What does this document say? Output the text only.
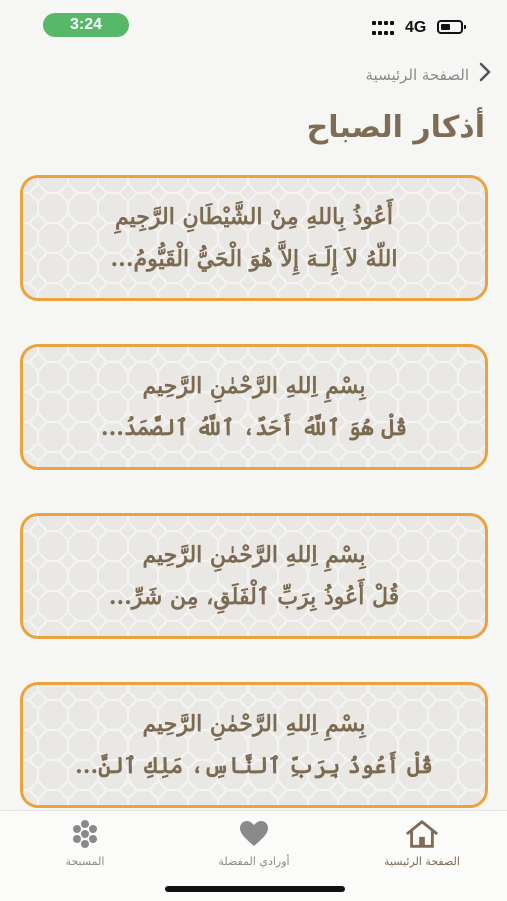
3:24	4G
الصفحة الرئيسية
أذكار الصباح
أَعُوذُ بِاللهِ مِنْ الشَّيْطَانِ الرَّجِيمِ
اللّهُ لاَ إِلَـهَ إِلاَّ هُوَ الْحَيُّ الْقَيُّومُ...
بِسْمِ اِللهِ الرَّحْمٰنِ الرَّحِيم
قُلْ هُوَ ٱللَّهُ أَحَدٌ، ٱللَّهُ ٱلصَّمَدُ...
بِسْمِ اِللهِ الرَّحْمٰنِ الرَّحِيم
قُلْ أَعُوذُ بِرَبِّ ٱلْفَلَقِ، مِن شَرِّ...
بِسْمِ اِللهِ الرَّحْمٰنِ الرَّحِيم
قُلْ أَعُوذُ بِرَبِّ ٱلنَّاسِ، مَلِكِ ٱلنَّ...
المسبحة	أورادي المفضلة	الصفحة الرئيسية
